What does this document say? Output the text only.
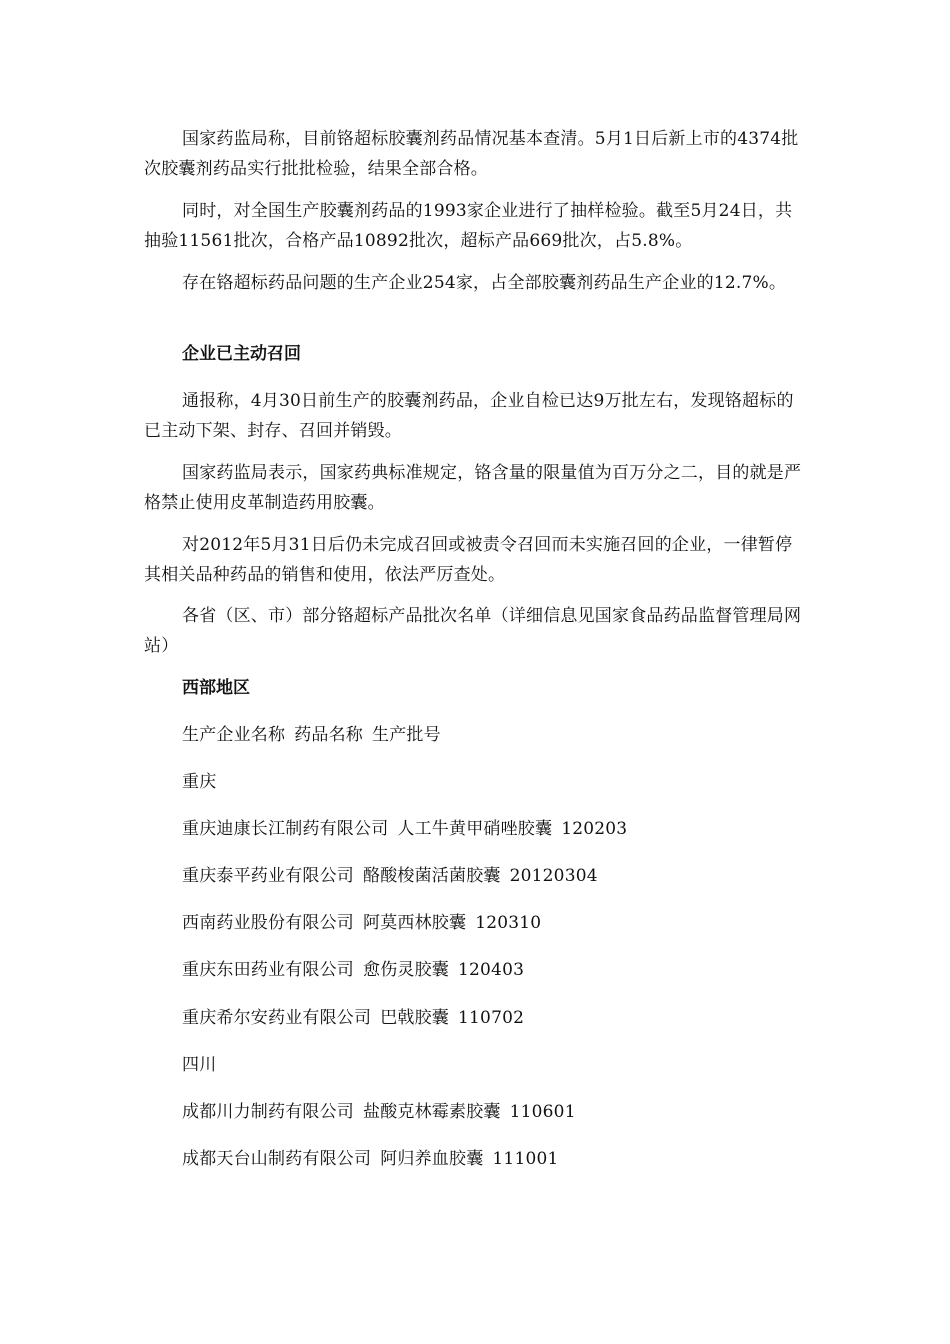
国家药监局称，目前铬超标胶囊剂药品情况基本查清。5月1日后新上市的4374批次胶囊剂药品实行批批检验，结果全部合格。

同时，对全国生产胶囊剂药品的1993家企业进行了抽样检验。截至5月24日，共抽验11561批次，合格产品10892批次，超标产品669批次，占5.8%。

存在铬超标药品问题的生产企业254家，占全部胶囊剂药品生产企业的12.7%。

企业已主动召回

通报称，4月30日前生产的胶囊剂药品，企业自检已达9万批左右，发现铬超标的已主动下架、封存、召回并销毁。

国家药监局表示，国家药典标准规定，铬含量的限量值为百万分之二，目的就是严格禁止使用皮革制造药用胶囊。

对2012年5月31日后仍未完成召回或被责令召回而未实施召回的企业，一律暂停其相关品种药品的销售和使用，依法严厉查处。

各省（区、市）部分铬超标产品批次名单（详细信息见国家食品药品监督管理局网站）

西部地区

生产企业名称 药品名称 生产批号

重庆

重庆迪康长江制药有限公司 人工牛黄甲硝唑胶囊 120203

重庆泰平药业有限公司 酪酸梭菌活菌胶囊 20120304

西南药业股份有限公司 阿莫西林胶囊 120310

重庆东田药业有限公司 愈伤灵胶囊 120403

重庆希尔安药业有限公司 巴戟胶囊 110702

四川

成都川力制药有限公司 盐酸克林霉素胶囊 110601

成都天台山制药有限公司 阿归养血胶囊 111001
